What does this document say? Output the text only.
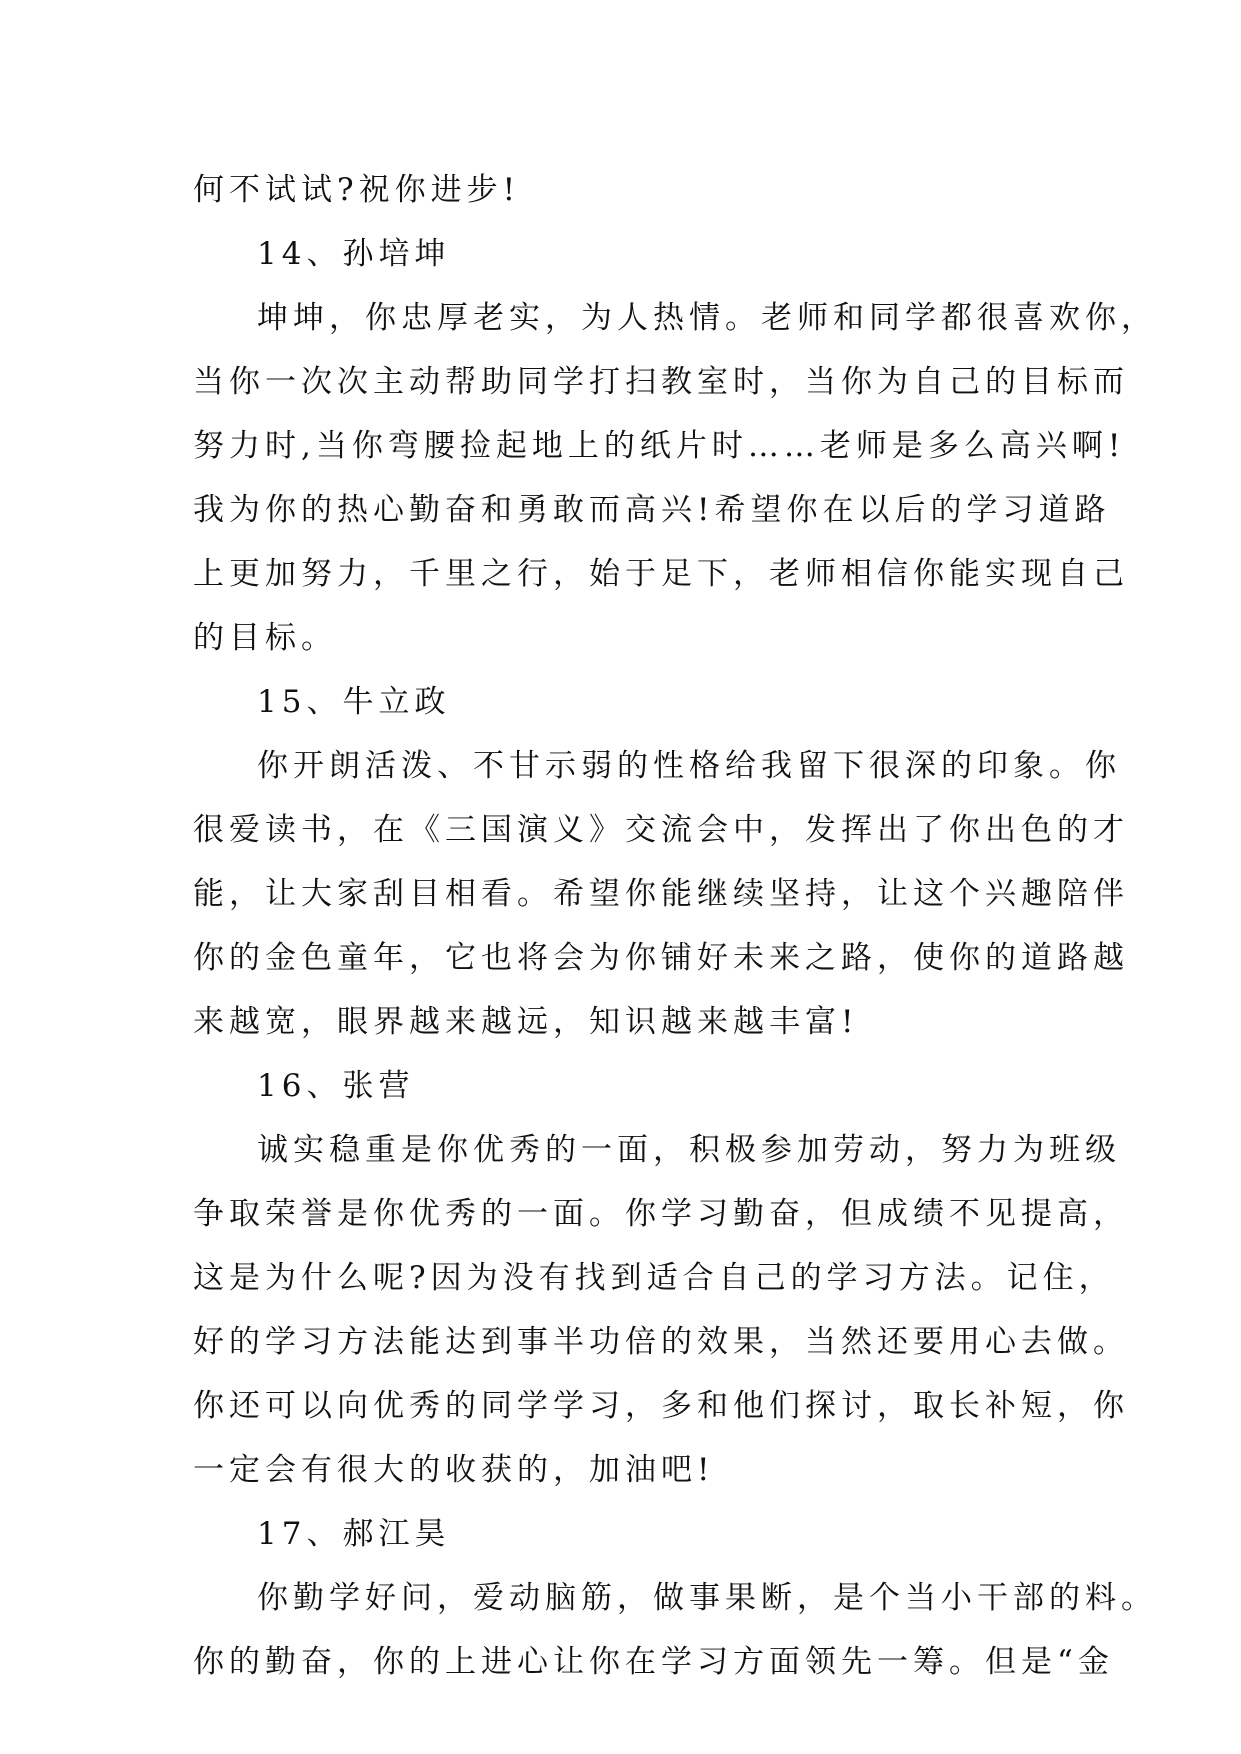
何不试试?祝你进步!
14、孙培坤
坤坤，你忠厚老实，为人热情。老师和同学都很喜欢你，
当你一次次主动帮助同学打扫教室时，当你为自己的目标而
努力时,当你弯腰捡起地上的纸片时……老师是多么高兴啊!
我为你的热心勤奋和勇敢而高兴!希望你在以后的学习道路
上更加努力，千里之行，始于足下，老师相信你能实现自己
的目标。
15、牛立政
你开朗活泼、不甘示弱的性格给我留下很深的印象。你
很爱读书，在《三国演义》交流会中，发挥出了你出色的才
能，让大家刮目相看。希望你能继续坚持，让这个兴趣陪伴
你的金色童年，它也将会为你铺好未来之路，使你的道路越
来越宽，眼界越来越远，知识越来越丰富!
16、张营
诚实稳重是你优秀的一面，积极参加劳动，努力为班级
争取荣誉是你优秀的一面。你学习勤奋，但成绩不见提高，
这是为什么呢?因为没有找到适合自己的学习方法。记住，
好的学习方法能达到事半功倍的效果，当然还要用心去做。
你还可以向优秀的同学学习，多和他们探讨，取长补短，你
一定会有很大的收获的，加油吧!
17、郝江昊
你勤学好问，爱动脑筋，做事果断，是个当小干部的料。
你的勤奋，你的上进心让你在学习方面领先一筹。但是“金
